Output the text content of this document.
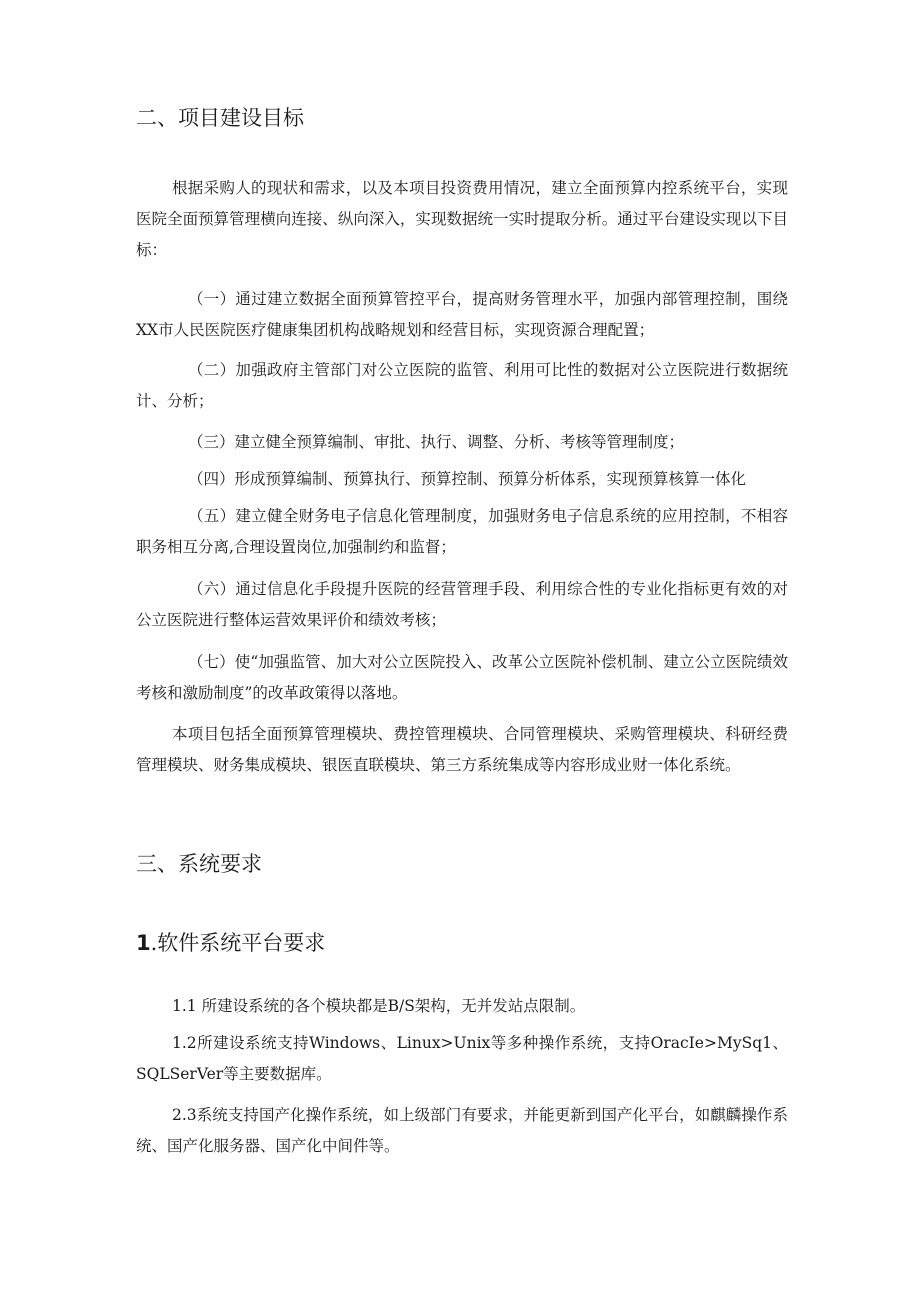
二、项目建设目标

根据采购人的现状和需求，以及本项目投资费用情况，建立全面预算内控系统平台，实现医院全面预算管理横向连接、纵向深入，实现数据统一实时提取分析。通过平台建设实现以下目标：

（一）通过建立数据全面预算管控平台，提高财务管理水平，加强内部管理控制，围绕XX市人民医院医疗健康集团机构战略规划和经营目标，实现资源合理配置；

（二）加强政府主管部门对公立医院的监管、利用可比性的数据对公立医院进行数据统计、分析；

（三）建立健全预算编制、审批、执行、调整、分析、考核等管理制度；

（四）形成预算编制、预算执行、预算控制、预算分析体系，实现预算核算一体化

（五）建立健全财务电子信息化管理制度，加强财务电子信息系统的应用控制，不相容职务相互分离,合理设置岗位,加强制约和监督；

（六）通过信息化手段提升医院的经营管理手段、利用综合性的专业化指标更有效的对公立医院进行整体运营效果评价和绩效考核；

（七）使“加强监管、加大对公立医院投入、改革公立医院补偿机制、建立公立医院绩效考核和激励制度”的改革政策得以落地。

本项目包括全面预算管理模块、费控管理模块、合同管理模块、采购管理模块、科研经费管理模块、财务集成模块、银医直联模块、第三方系统集成等内容形成业财一体化系统。

三、系统要求
1.软件系统平台要求

1.1 所建设系统的各个模块都是B/S架构，无并发站点限制。

1.2所建设系统支持Windows、Linux>Unix等多种操作系统，支持OracIe>MySq1、SQLSerVer等主要数据库。

2.3系统支持国产化操作系统，如上级部门有要求，并能更新到国产化平台，如麒麟操作系统、国产化服务器、国产化中间件等。
